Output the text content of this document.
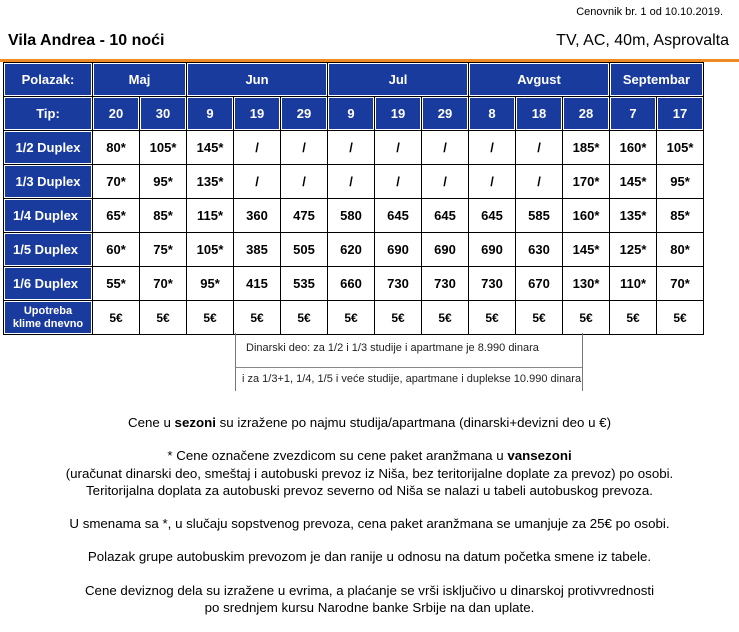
Cenovnik br. 1 od 10.10.2019.
Vila Andrea - 10 noći	TV, AC, 40m, Asprovalta
Polazak:	Maj		Jun			Jul			Avgust			Septembar	
Tip:	20	30	9	19	29	9	19	29	8	18	28	7	17
1/2 Duplex	80*	105*	145*	/	/	/	/	/	/	/	185*	160*	105*
1/3 Duplex	70*	95*	135*	/	/	/	/	/	/	/	170*	145*	95*
1/4 Duplex	65*	85*	115*	360	475	580	645	645	645	585	160*	135*	85*
1/5 Duplex	60*	75*	105*	385	505	620	690	690	690	630	145*	125*	80*
1/6 Duplex	55*	70*	95*	415	535	660	730	730	730	670	130*	110*	70*
Upotreba
klime dnevno	5€	5€	5€	5€	5€	5€	5€	5€	5€	5€	5€	5€	5€
Dinarski deo: za 1/2 i 1/3 studije i apartmane je 8.990 dinara
i za 1/3+1, 1/4, 1/5 i veće studije, apartmane i duplekse 10.990 dinara

Cene u sezoni su izražene po najmu studija/apartmana (dinarski+devizni deo u €)

* Cene označene zvezdicom su cene paket aranžmana u vansezoni
(uračunat dinarski deo, smeštaj i autobuski prevoz iz Niša, bez teritorijalne doplate za prevoz) po osobi.
Teritorijalna doplata za autobuski prevoz severno od Niša se nalazi u tabeli autobuskog prevoza.

U smenama sa *, u slučaju sopstvenog prevoza, cena paket aranžmana se umanjuje za 25€ po osobi.

Polazak grupe autobuskim prevozom je dan ranije u odnosu na datum početka smene iz tabele.

Cene deviznog dela su izražene u evrima, a plaćanje se vrši isključivo u dinarskoj protivvrednosti
po srednjem kursu Narodne banke Srbije na dan uplate.
